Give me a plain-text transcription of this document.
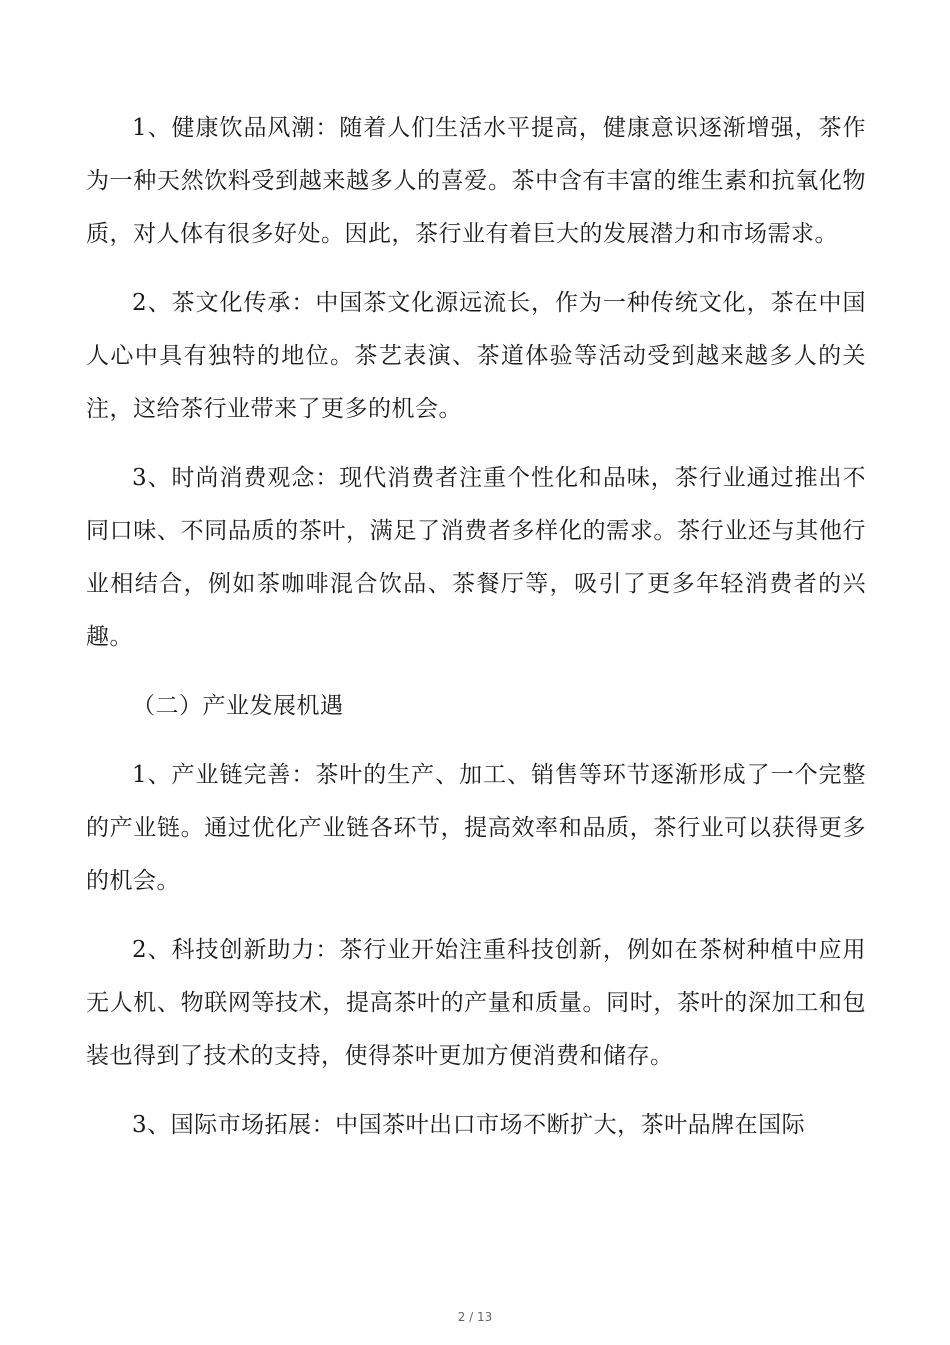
1、健康饮品风潮：随着人们生活水平提高，健康意识逐渐增强，茶作为一种天然饮料受到越来越多人的喜爱。茶中含有丰富的维生素和抗氧化物质，对人体有很多好处。因此，茶行业有着巨大的发展潜力和市场需求。

2、茶文化传承：中国茶文化源远流长，作为一种传统文化，茶在中国人心中具有独特的地位。茶艺表演、茶道体验等活动受到越来越多人的关注，这给茶行业带来了更多的机会。

3、时尚消费观念：现代消费者注重个性化和品味，茶行业通过推出不同口味、不同品质的茶叶，满足了消费者多样化的需求。茶行业还与其他行业相结合，例如茶咖啡混合饮品、茶餐厅等，吸引了更多年轻消费者的兴趣。

（二）产业发展机遇

1、产业链完善：茶叶的生产、加工、销售等环节逐渐形成了一个完整的产业链。通过优化产业链各环节，提高效率和品质，茶行业可以获得更多的机会。

2、科技创新助力：茶行业开始注重科技创新，例如在茶树种植中应用无人机、物联网等技术，提高茶叶的产量和质量。同时，茶叶的深加工和包装也得到了技术的支持，使得茶叶更加方便消费和储存。

3、国际市场拓展：中国茶叶出口市场不断扩大，茶叶品牌在国际

2 / 13
